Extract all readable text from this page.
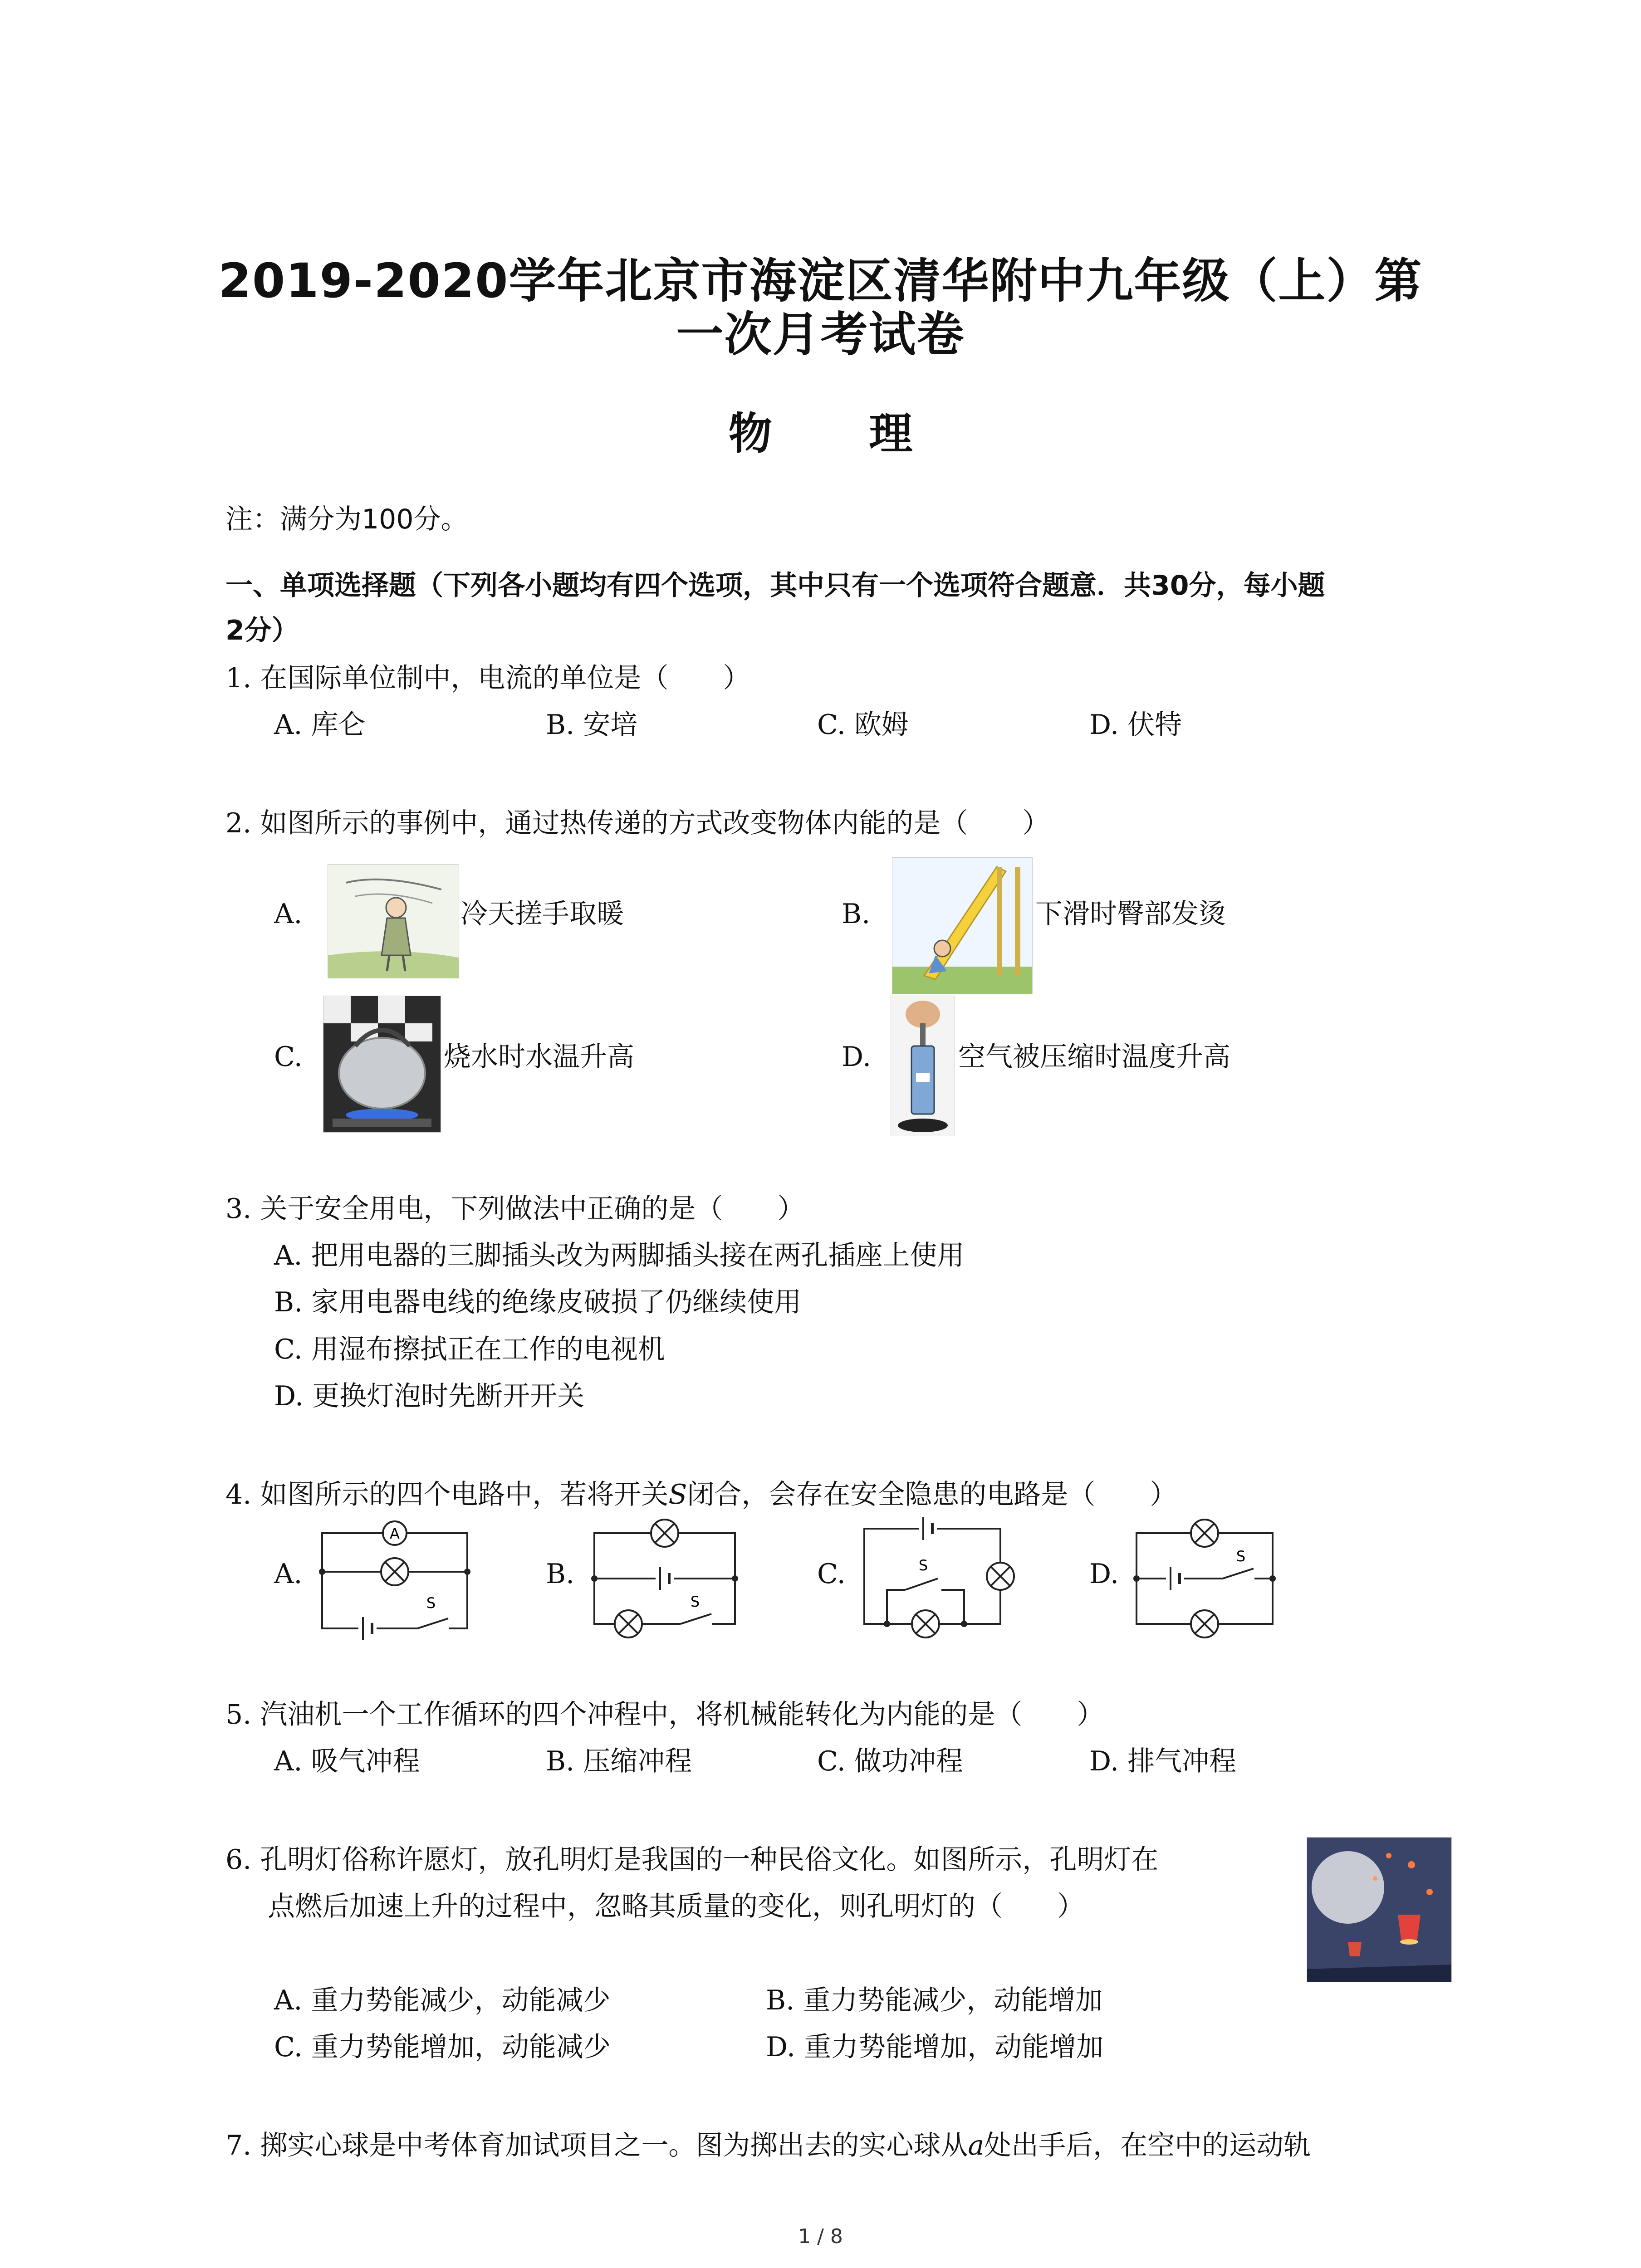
2019-2020学年北京市海淀区清华附中九年级（上）第
一次月考试卷
物 理
注：满分为100分。
一、单项选择题（下列各小题均有四个选项，其中只有一个选项符合题意．共30分，每小题
2分）
1. 在国际单位制中，电流的单位是（　　）
A. 库仑	B. 安培	C. 欧姆	D. 伏特
2. 如图所示的事例中，通过热传递的方式改变物体内能的是（　　）
A.	冷天搓手取暖	B.	下滑时臀部发烫
C.	烧水时水温升高	D.	空气被压缩时温度升高
3. 关于安全用电，下列做法中正确的是（　　）
A. 把用电器的三脚插头改为两脚插头接在两孔插座上使用
B. 家用电器电线的绝缘皮破损了仍继续使用
C. 用湿布擦拭正在工作的电视机
D. 更换灯泡时先断开开关
4. 如图所示的四个电路中，若将开关S闭合，会存在安全隐患的电路是（　　）
A.
A
S
B.
S
C.	S	D.
S
5. 汽油机一个工作循环的四个冲程中，将机械能转化为内能的是（　　）
A. 吸气冲程	B. 压缩冲程	C. 做功冲程	D. 排气冲程
6. 孔明灯俗称许愿灯，放孔明灯是我国的一种民俗文化。如图所示，孔明灯在
点燃后加速上升的过程中，忽略其质量的变化，则孔明灯的（　　）
A. 重力势能减少，动能减少	B. 重力势能减少，动能增加
C. 重力势能增加，动能减少	D. 重力势能增加，动能增加
7. 掷实心球是中考体育加试项目之一。图为掷出去的实心球从a处出手后，在空中的运动轨
1 / 8
